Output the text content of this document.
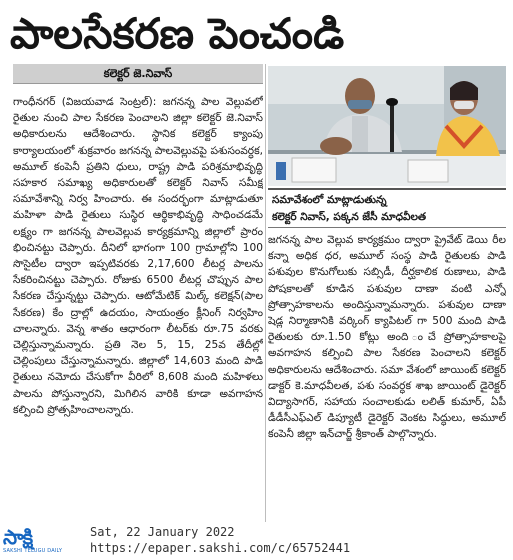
పాలసేకరణ పెంచండి
కలెక్టర్ జె.నివాస్

గాంధీనగర్ (విజయవాడ సెంట్రల్): జగనన్న పాల వెల్లువలో రైతుల నుంచి పాల సేకరణ పెంచాలని జిల్లా కలెక్టర్ జె.నివాస్ అధికారులను ఆదేశించారు. స్థానిక కలెక్టర్ క్యాంపు కార్యాలయంలో శుక్రవారం జగనన్న పాలవెల్లువపై పశుసంవర్ధక, అమూల్ కంపెనీ ప్రతిని ధులు, రాష్ట్ర పాడి పరిశ్రమాభివృద్ధి సహకార సమాఖ్య అధికారులతో కలెక్టర్ నివాస్ సమీక్ష సమావేశాన్ని నిర్వ హించారు. ఈ సందర్భంగా మాట్లాడుతూ మహిళా పాడి రైతులు సుస్థిర ఆర్థికాభివృద్ధి సాధించడమే లక్ష్యం గా జగనన్న పాలవెల్లువ కార్యక్రమాన్ని జిల్లాలో ప్రారం భించినట్టు చెప్పారు. దీనిలో భాగంగా 100 గ్రామాల్లోని 100 సొసైటీల ద్వారా ఇప్పటివరకు 2,17,600 లీటర్ల పాలను సేకరించినట్టు చెప్పారు. రోజుకు 6500 లీటర్ల చొప్పున పాల సేకరణ చేస్తున్నట్టు చెప్పారు. ఆటోమేటిక్ మిల్క్ కలెక్షన్(పాల సేకరణ) కేం ద్రాల్లో ఉదయం, సాయంత్రం క్లీనింగ్ నిర్వహిం చాలన్నారు. వెన్న శాతం ఆధారంగా లీటర్‌కు రూ.75 వరకు చెల్లిస్తున్నామన్నారు. ప్రతి నెల 5, 15, 25వ తేదీల్లో చెల్లింపులు చేస్తున్నామన్నారు. జిల్లాలో 14,603 మంది పాడి రైతులు నమోదు చేసుకోగా వీరిలో 8,608 మంది మహిళలు పాలను పోస్తున్నారని, మిగిలిన వారికి కూడా అవగాహన కల్పించి ప్రోత్సహించాలన్నారు.

సమావేశంలో మాట్లాడుతున్న
కలెక్టర్ నివాస్, పక్కన జేసీ మాధవీలత

జగనన్న పాల వెల్లువ కార్యక్రమం ద్వారా ప్రైవేట్ డెయి రీల కన్నా అధిక ధర, అమూల్ సంస్థ పాడి రైతులకు పాడి పశువుల కొనుగోలుకు సబ్సిడీ, దీర్ఘకాలిక రుణాలు, పాడి పోషకాలతో కూడిన పశువుల దాణా వంటి ఎన్నో ప్రోత్సాహకాలను అందిస్తున్నామన్నారు. పశువుల దాణా షెడ్ల నిర్మాణానికి వర్కింగ్ క్యాపిటల్ గా 500 మంది పాడి రైతులకు రూ.1.50 కోట్లు అంది ంచే ప్రోత్సాహకాలపై అవగాహన కల్పించి పాల సేకరణ పెంచాలని కలెక్టర్ అధికారులను ఆదేశించారు. సమా వేశంలో జాయింట్ కలెక్టర్ డాక్టర్ కె.మాధవీలత, పశు సంవర్ధక శాఖ జాయింట్ డైరెక్టర్ విద్యాసాగర్, సహాయ సంచాలకుడు లలిత్ కుమార్, ఏపీ డీడీసీఎఫ్‌ఎల్ డిప్యూటీ డైరెక్టర్ వెంకట సిద్ధులు, అమూల్ కంపెనీ జిల్లా ఇన్‌చార్జ్ శ్రీకాంత్ పాల్గొన్నారు.

సాక్షి
SAKSHI TELUGU DAILY
Sat, 22 January 2022
https://epaper.sakshi.com/c/65752441
